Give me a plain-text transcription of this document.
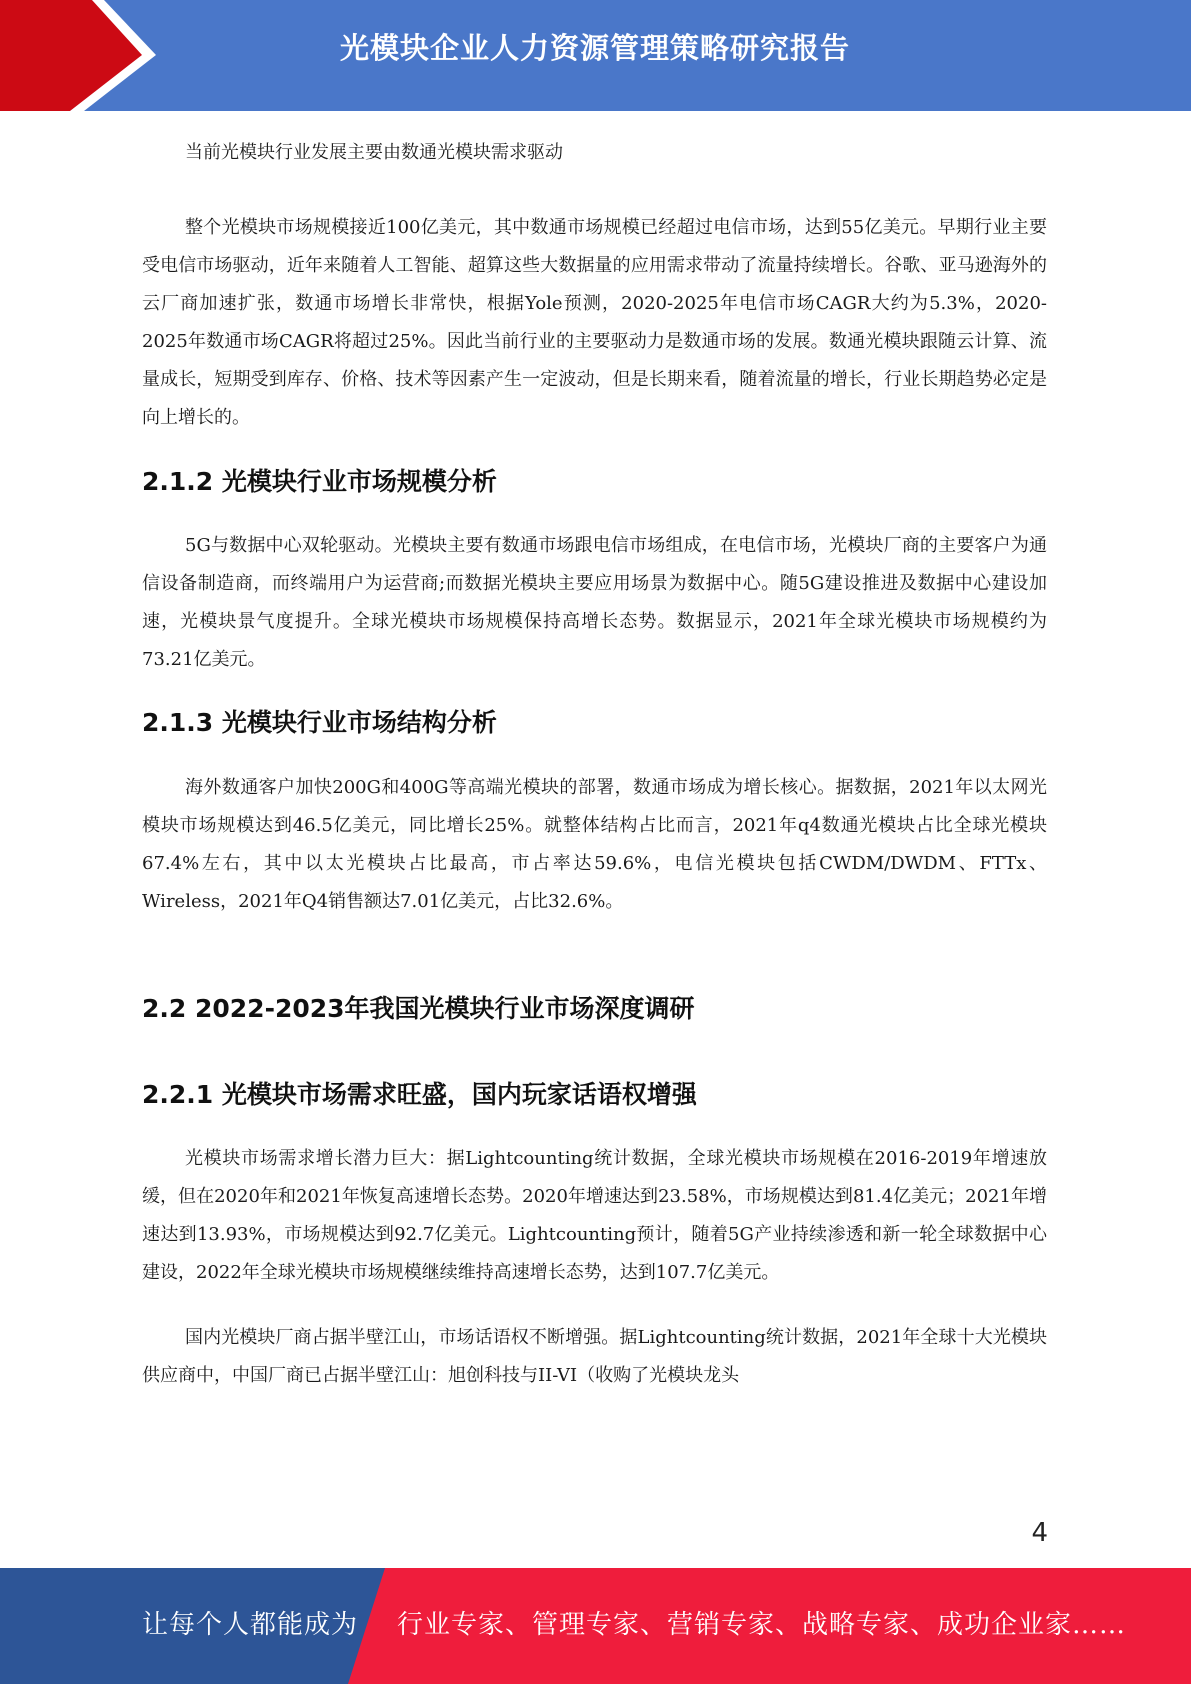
光模块企业人力资源管理策略研究报告

当前光模块行业发展主要由数通光模块需求驱动

整个光模块市场规模接近100亿美元，其中数通市场规模已经超过电信市场，达到55亿美元。早期行业主要受电信市场驱动，近年来随着人工智能、超算这些大数据量的应用需求带动了流量持续增长。谷歌、亚马逊海外的云厂商加速扩张，数通市场增长非常快，根据Yole预测，2020-2025年电信市场CAGR大约为5.3%，2020-2025年数通市场CAGR将超过25%。因此当前行业的主要驱动力是数通市场的发展。数通光模块跟随云计算、流量成长，短期受到库存、价格、技术等因素产生一定波动，但是长期来看，随着流量的增长，行业长期趋势必定是向上增长的。

2.1.2 光模块行业市场规模分析

5G与数据中心双轮驱动。光模块主要有数通市场跟电信市场组成，在电信市场，光模块厂商的主要客户为通信设备制造商，而终端用户为运营商;而数据光模块主要应用场景为数据中心。随5G建设推进及数据中心建设加速，光模块景气度提升。全球光模块市场规模保持高增长态势。数据显示，2021年全球光模块市场规模约为73.21亿美元。

2.1.3 光模块行业市场结构分析

海外数通客户加快200G和400G等高端光模块的部署，数通市场成为增长核心。据数据，2021年以太网光模块市场规模达到46.5亿美元，同比增长25%。就整体结构占比而言，2021年q4数通光模块占比全球光模块67.4%左右，其中以太光模块占比最高，市占率达59.6%，电信光模块包括CWDM/DWDM、FTTx、Wireless，2021年Q4销售额达7.01亿美元，占比32.6%。

2.2 2022-2023年我国光模块行业市场深度调研
2.2.1 光模块市场需求旺盛，国内玩家话语权增强

光模块市场需求增长潜力巨大：据Lightcounting统计数据，全球光模块市场规模在2016-2019年增速放缓，但在2020年和2021年恢复高速增长态势。2020年增速达到23.58%，市场规模达到81.4亿美元；2021年增速达到13.93%，市场规模达到92.7亿美元。Lightcounting预计，随着5G产业持续渗透和新一轮全球数据中心建设，2022年全球光模块市场规模继续维持高速增长态势，达到107.7亿美元。

国内光模块厂商占据半壁江山，市场话语权不断增强。据Lightcounting统计数据，2021年全球十大光模块供应商中，中国厂商已占据半壁江山：旭创科技与II-VI（收购了光模块龙头

4
让每个人都能成为 行业专家、管理专家、营销专家、战略专家、成功企业家……
